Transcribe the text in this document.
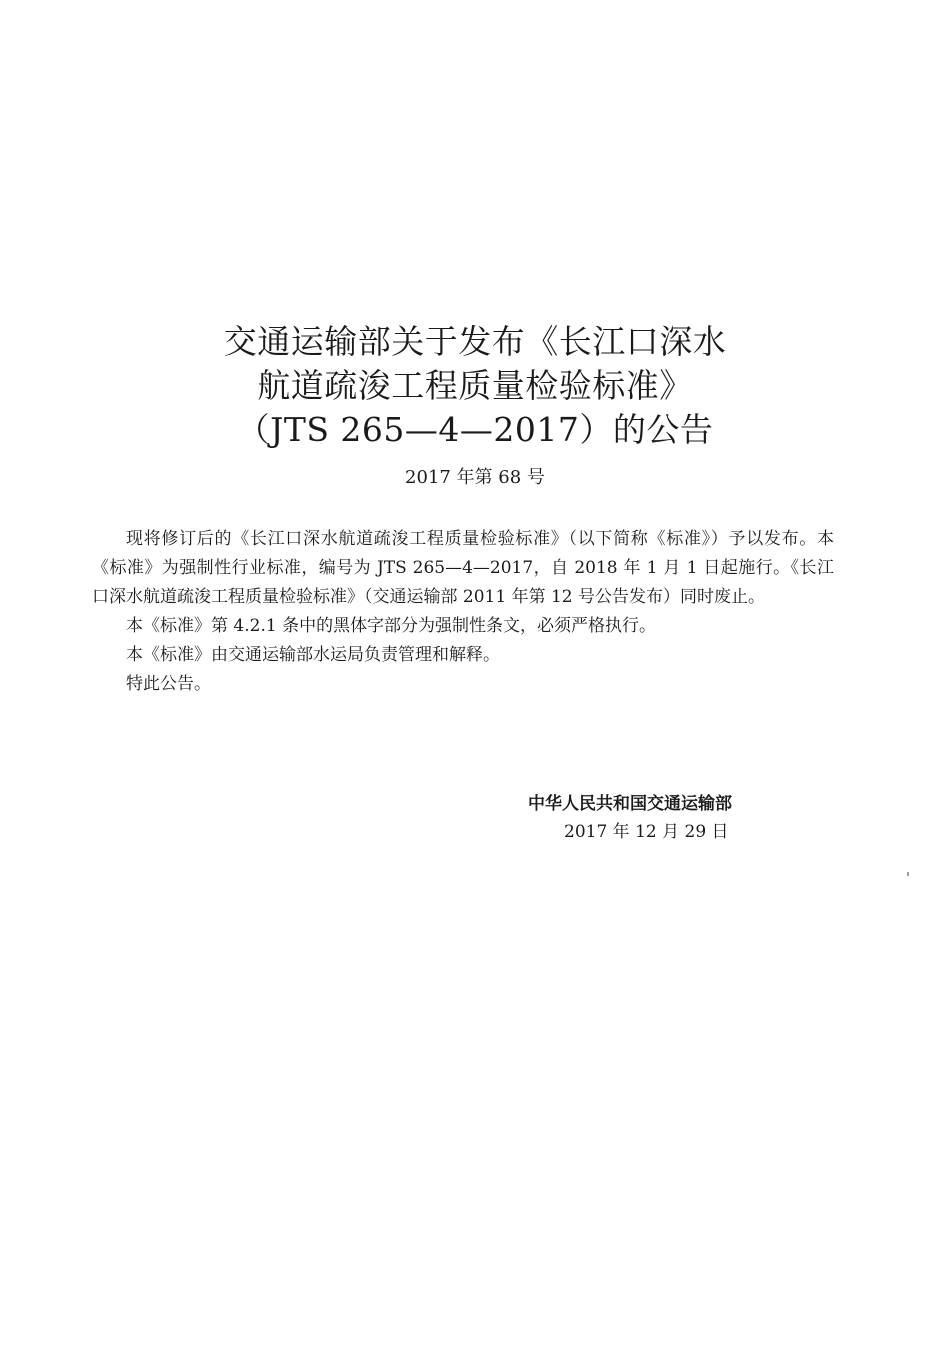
交通运输部关于发布《长江口深水
航道疏浚工程质量检验标准》
（JTS 265—4—2017）的公告
2017 年第 68 号

现将修订后的《长江口深水航道疏浚工程质量检验标准》（以下简称《标准》）予以发布。本《标准》为强制性行业标准，编号为 JTS 265—4—2017，自 2018 年 1 月 1 日起施行。《长江口深水航道疏浚工程质量检验标准》（交通运输部 2011 年第 12 号公告发布）同时废止。

本《标准》第 4.2.1 条中的黑体字部分为强制性条文，必须严格执行。

本《标准》由交通运输部水运局负责管理和解释。

特此公告。

中华人民共和国交通运输部
2017 年 12 月 29 日
